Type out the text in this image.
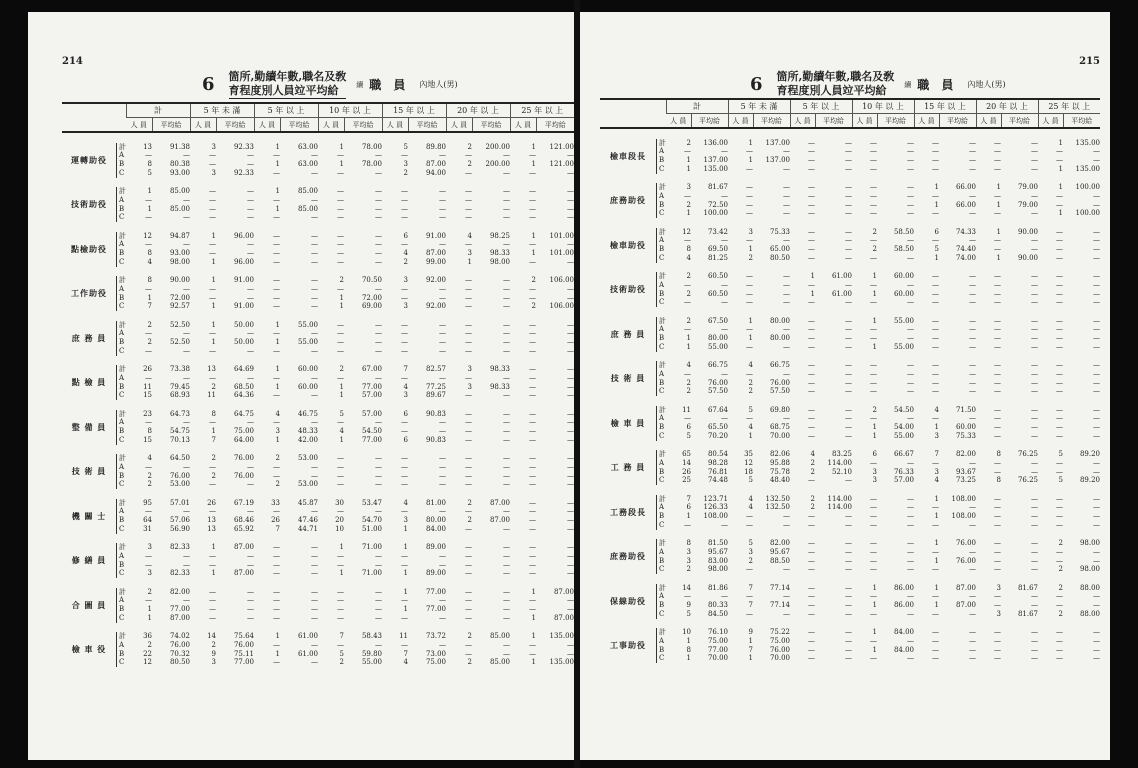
214
6 箇所,勤續年數,職名及敎
育程度別人員竝平均給	續 職 員 內地人(男)
		計		5 年 未 滿		5 年 以 上		10 年 以 上		15 年 以 上		20 年 以 上		25 年 以 上	
		人 員	平均給	人 員	平均給	人 員	平均給	人 員	平均給	人 員	平均給	人 員	平均給	人 員	平均給

運轉助役	計	13	91.38	3	92.33	1	63.00	1	78.00	5	89.80	2	200.00	1	121.00
	A	—	—	—	—	—	—	—	—	—	—	—	—	—	—
	B	8	80.38	—	—	1	63.00	1	78.00	3	87.00	2	200.00	1	121.00
	C	5	93.00	3	92.33	—	—	—	—	2	94.00	—	—	—	—

技術助役	計	1	85.00	—	—	1	85.00	—	—	—	—	—	—	—	—
	A	—	—	—	—	—	—	—	—	—	—	—	—	—	—
	B	1	85.00	—	—	1	85.00	—	—	—	—	—	—	—	—
	C	—	—	—	—	—	—	—	—	—	—	—	—	—	—

點檢助役	計	12	94.87	1	96.00	—	—	—	—	6	91.00	4	98.25	1	101.00
	A	—	—	—	—	—	—	—	—	—	—	—	—	—	—
	B	8	93.00	—	—	—	—	—	—	4	87.00	3	98.33	1	101.00
	C	4	98.00	1	96.00	—	—	—	—	2	99.00	1	98.00	—	—

工作助役	計	8	90.00	1	91.00	—	—	2	70.50	3	92.00	—	—	2	106.00
	A	—	—	—	—	—	—	—	—	—	—	—	—	—	—
	B	1	72.00	—	—	—	—	1	72.00	—	—	—	—	—	—
	C	7	92.57	1	91.00	—	—	1	69.00	3	92.00	—	—	2	106.00

庶 務 員	計	2	52.50	1	50.00	1	55.00	—	—	—	—	—	—	—	—
	A	—	—	—	—	—	—	—	—	—	—	—	—	—	—
	B	2	52.50	1	50.00	1	55.00	—	—	—	—	—	—	—	—
	C	—	—	—	—	—	—	—	—	—	—	—	—	—	—

點 檢 員	計	26	73.38	13	64.69	1	60.00	2	67.00	7	82.57	3	98.33	—	—
	A	—	—	—	—	—	—	—	—	—	—	—	—	—	—
	B	11	79.45	2	68.50	1	60.00	1	77.00	4	77.25	3	98.33	—	—
	C	15	68.93	11	64.36	—	—	1	57.00	3	89.67	—	—	—	—

整 備 員	計	23	64.73	8	64.75	4	46.75	5	57.00	6	90.83	—	—	—	—
	A	—	—	—	—	—	—	—	—	—	—	—	—	—	—
	B	8	54.75	1	75.00	3	48.33	4	54.50	—	—	—	—	—	—
	C	15	70.13	7	64.00	1	42.00	1	77.00	6	90.83	—	—	—	—

技 術 員	計	4	64.50	2	76.00	2	53.00	—	—	—	—	—	—	—	—
	A	—	—	—	—	—	—	—	—	—	—	—	—	—	—
	B	2	76.00	2	76.00	—	—	—	—	—	—	—	—	—	—
	C	2	53.00	—	—	2	53.00	—	—	—	—	—	—	—	—

機 關 士	計	95	57.01	26	67.19	33	45.87	30	53.47	4	81.00	2	87.00	—	—
	A	—	—	—	—	—	—	—	—	—	—	—	—	—	—
	B	64	57.06	13	68.46	26	47.46	20	54.70	3	80.00	2	87.00	—	—
	C	31	56.90	13	65.92	7	44.71	10	51.00	1	84.00	—	—	—	—

修 繕 員	計	3	82.33	1	87.00	—	—	1	71.00	1	89.00	—	—	—	—
	A	—	—	—	—	—	—	—	—	—	—	—	—	—	—
	B	—	—	—	—	—	—	—	—	—	—	—	—	—	—
	C	3	82.33	1	87.00	—	—	1	71.00	1	89.00	—	—	—	—

合 圖 員	計	2	82.00	—	—	—	—	—	—	1	77.00	—	—	1	87.00
	A	—	—	—	—	—	—	—	—	—	—	—	—	—	—
	B	1	77.00	—	—	—	—	—	—	1	77.00	—	—	—	—
	C	1	87.00	—	—	—	—	—	—	—	—	—	—	1	87.00

檢 車 役	計	36	74.02	14	75.64	1	61.00	7	58.43	11	73.72	2	85.00	1	135.00
	A	2	76.00	2	76.00	—	—	—	—	—	—	—	—	—	—
	B	22	70.32	9	75.11	1	61.00	5	59.80	7	73.00	—	—	—	—
	C	12	80.50	3	77.00	—	—	2	55.00	4	75.00	2	85.00	1	135.00
215
6 箇所,勤續年數,職名及敎
育程度別人員竝平均給	續 職 員 內地人(男)
		計		5 年 未 滿		5 年 以 上		10 年 以 上		15 年 以 上		20 年 以 上		25 年 以 上	
		人 員	平均給	人 員	平均給	人 員	平均給	人 員	平均給	人 員	平均給	人 員	平均給	人 員	平均給

檢車段長	計	2	136.00	1	137.00	—	—	—	—	—	—	—	—	1	135.00
	A	—	—	—	—	—	—	—	—	—	—	—	—	—	—
	B	1	137.00	1	137.00	—	—	—	—	—	—	—	—	—	—
	C	1	135.00	—	—	—	—	—	—	—	—	—	—	1	135.00

庶務助役	計	3	81.67	—	—	—	—	—	—	1	66.00	1	79.00	1	100.00
	A	—	—	—	—	—	—	—	—	—	—	—	—	—	—
	B	2	72.50	—	—	—	—	—	—	1	66.00	1	79.00	—	—
	C	1	100.00	—	—	—	—	—	—	—	—	—	—	1	100.00

檢車助役	計	12	73.42	3	75.33	—	—	2	58.50	6	74.33	1	90.00	—	—
	A	—	—	—	—	—	—	—	—	—	—	—	—	—	—
	B	8	69.50	1	65.00	—	—	2	58.50	5	74.40	—	—	—	—
	C	4	81.25	2	80.50	—	—	—	—	1	74.00	1	90.00	—	—

技術助役	計	2	60.50	—	—	1	61.00	1	60.00	—	—	—	—	—	—
	A	—	—	—	—	—	—	—	—	—	—	—	—	—	—
	B	2	60.50	—	—	1	61.00	1	60.00	—	—	—	—	—	—
	C	—	—	—	—	—	—	—	—	—	—	—	—	—	—

庶 務 員	計	2	67.50	1	80.00	—	—	1	55.00	—	—	—	—	—	—
	A	—	—	—	—	—	—	—	—	—	—	—	—	—	—
	B	1	80.00	1	80.00	—	—	—	—	—	—	—	—	—	—
	C	1	55.00	—	—	—	—	1	55.00	—	—	—	—	—	—

技 術 員	計	4	66.75	4	66.75	—	—	—	—	—	—	—	—	—	—
	A	—	—	—	—	—	—	—	—	—	—	—	—	—	—
	B	2	76.00	2	76.00	—	—	—	—	—	—	—	—	—	—
	C	2	57.50	2	57.50	—	—	—	—	—	—	—	—	—	—

檢 車 員	計	11	67.64	5	69.80	—	—	2	54.50	4	71.50	—	—	—	—
	A	—	—	—	—	—	—	—	—	—	—	—	—	—	—
	B	6	65.50	4	68.75	—	—	1	54.00	1	60.00	—	—	—	—
	C	5	70.20	1	70.00	—	—	1	55.00	3	75.33	—	—	—	—

工 務 員	計	65	80.54	35	82.06	4	83.25	6	66.67	7	82.00	8	76.25	5	89.20
	A	14	98.28	12	95.88	2	114.00	—	—	—	—	—	—	—	—
	B	26	76.81	18	75.78	2	52.10	3	76.33	3	93.67	—	—	—	—
	C	25	74.48	5	48.40	—	—	3	57.00	4	73.25	8	76.25	5	89.20

工務段長	計	7	123.71	4	132.50	2	114.00	—	—	1	108.00	—	—	—	—
	A	6	126.33	4	132.50	2	114.00	—	—	—	—	—	—	—	—
	B	1	108.00	—	—	—	—	—	—	1	108.00	—	—	—	—
	C	—	—	—	—	—	—	—	—	—	—	—	—	—	—

庶務助役	計	8	81.50	5	82.00	—	—	—	—	1	76.00	—	—	2	98.00
	A	3	95.67	3	95.67	—	—	—	—	—	—	—	—	—	—
	B	3	83.00	2	88.50	—	—	—	—	1	76.00	—	—	—	—
	C	2	98.00	—	—	—	—	—	—	—	—	—	—	2	98.00

保線助役	計	14	81.86	7	77.14	—	—	1	86.00	1	87.00	3	81.67	2	88.00
	A	—	—	—	—	—	—	—	—	—	—	—	—	—	—
	B	9	80.33	7	77.14	—	—	1	86.00	1	87.00	—	—	—	—
	C	5	84.50	—	—	—	—	—	—	—	—	3	81.67	2	88.00

工事助役	計	10	76.10	9	75.22	—	—	1	84.00	—	—	—	—	—	—
	A	1	75.00	1	75.00	—	—	—	—	—	—	—	—	—	—
	B	8	77.00	7	76.00	—	—	1	84.00	—	—	—	—	—	—
	C	1	70.00	1	70.00	—	—	—	—	—	—	—	—	—	—
